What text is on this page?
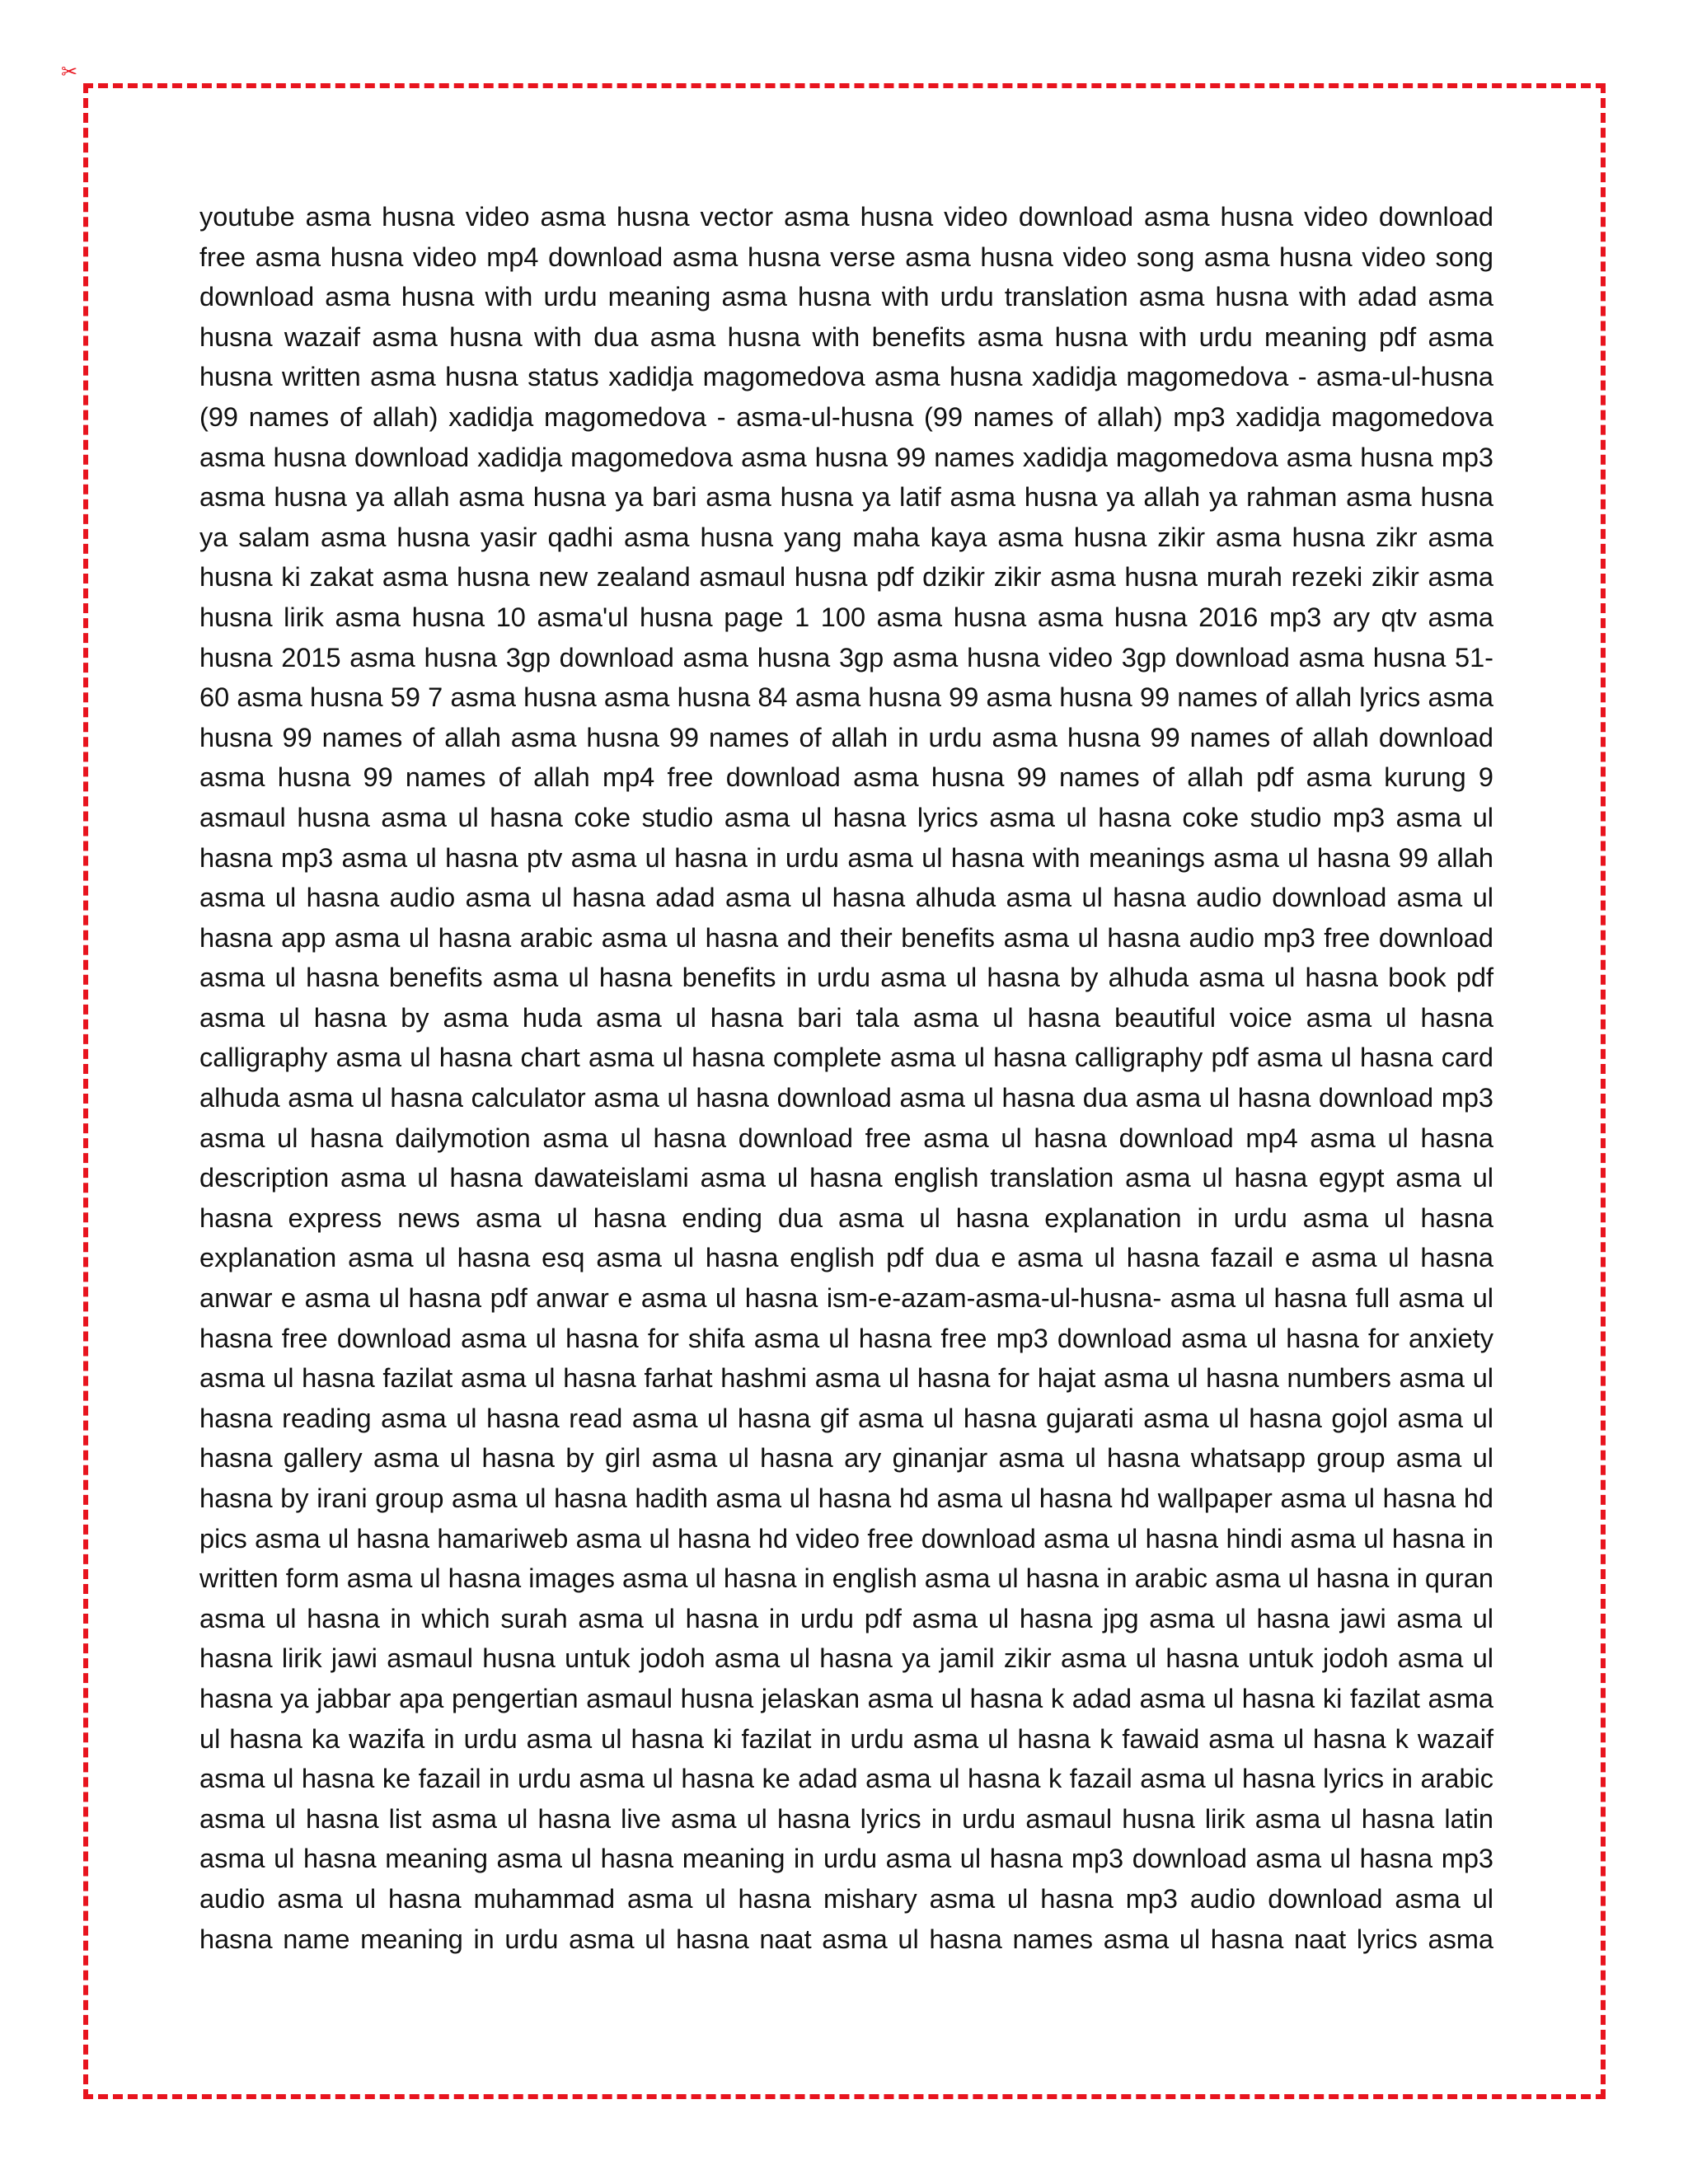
✂

youtube asma husna video asma husna vector asma husna video download asma husna video download free asma husna video mp4 download asma husna verse asma husna video song asma husna video song download asma husna with urdu meaning asma husna with urdu translation asma husna with adad asma husna wazaif asma husna with dua asma husna with benefits asma husna with urdu meaning pdf asma husna written asma husna status xadidja magomedova asma husna xadidja magomedova - asma-ul-husna (99 names of allah) xadidja magomedova - asma-ul-husna (99 names of allah) mp3 xadidja magomedova asma husna download xadidja magomedova asma husna 99 names xadidja magomedova asma husna mp3 asma husna ya allah asma husna ya bari asma husna ya latif asma husna ya allah ya rahman asma husna ya salam asma husna yasir qadhi asma husna yang maha kaya asma husna zikir asma husna zikr asma husna ki zakat asma husna new zealand asmaul husna pdf dzikir zikir asma husna murah rezeki zikir asma husna lirik asma husna 10 asma'ul husna page 1 100 asma husna asma husna 2016 mp3 ary qtv asma husna 2015 asma husna 3gp download asma husna 3gp asma husna video 3gp download asma husna 51-60 asma husna 59 7 asma husna asma husna 84 asma husna 99 asma husna 99 names of allah lyrics asma husna 99 names of allah asma husna 99 names of allah in urdu asma husna 99 names of allah download asma husna 99 names of allah mp4 free download asma husna 99 names of allah pdf asma kurung 9 asmaul husna asma ul hasna coke studio asma ul hasna lyrics asma ul hasna coke studio mp3 asma ul hasna mp3 asma ul hasna ptv asma ul hasna in urdu asma ul hasna with meanings asma ul hasna 99 allah asma ul hasna audio asma ul hasna adad asma ul hasna alhuda asma ul hasna audio download asma ul hasna app asma ul hasna arabic asma ul hasna and their benefits asma ul hasna audio mp3 free download asma ul hasna benefits asma ul hasna benefits in urdu asma ul hasna by alhuda asma ul hasna book pdf asma ul hasna by asma huda asma ul hasna bari tala asma ul hasna beautiful voice asma ul hasna calligraphy asma ul hasna chart asma ul hasna complete asma ul hasna calligraphy pdf asma ul hasna card alhuda asma ul hasna calculator asma ul hasna download asma ul hasna dua asma ul hasna download mp3 asma ul hasna dailymotion asma ul hasna download free asma ul hasna download mp4 asma ul hasna description asma ul hasna dawateislami asma ul hasna english translation asma ul hasna egypt asma ul hasna express news asma ul hasna ending dua asma ul hasna explanation in urdu asma ul hasna explanation asma ul hasna esq asma ul hasna english pdf dua e asma ul hasna fazail e asma ul hasna anwar e asma ul hasna pdf anwar e asma ul hasna ism-e-azam-asma-ul-husna- asma ul hasna full asma ul hasna free download asma ul hasna for shifa asma ul hasna free mp3 download asma ul hasna for anxiety asma ul hasna fazilat asma ul hasna farhat hashmi asma ul hasna for hajat asma ul hasna numbers asma ul hasna reading asma ul hasna read asma ul hasna gif asma ul hasna gujarati asma ul hasna gojol asma ul hasna gallery asma ul hasna by girl asma ul hasna ary ginanjar asma ul hasna whatsapp group asma ul hasna by irani group asma ul hasna hadith asma ul hasna hd asma ul hasna hd wallpaper asma ul hasna hd pics asma ul hasna hamariweb asma ul hasna hd video free download asma ul hasna hindi asma ul hasna in written form asma ul hasna images asma ul hasna in english asma ul hasna in arabic asma ul hasna in quran asma ul hasna in which surah asma ul hasna in urdu pdf asma ul hasna jpg asma ul hasna jawi asma ul hasna lirik jawi asmaul husna untuk jodoh asma ul hasna ya jamil zikir asma ul hasna untuk jodoh asma ul hasna ya jabbar apa pengertian asmaul husna jelaskan asma ul hasna k adad asma ul hasna ki fazilat asma ul hasna ka wazifa in urdu asma ul hasna ki fazilat in urdu asma ul hasna k fawaid asma ul hasna k wazaif asma ul hasna ke fazail in urdu asma ul hasna ke adad asma ul hasna k fazail asma ul hasna lyrics in arabic asma ul hasna list asma ul hasna live asma ul hasna lyrics in urdu asmaul husna lirik asma ul hasna latin asma ul hasna meaning asma ul hasna meaning in urdu asma ul hasna mp3 download asma ul hasna mp3 audio asma ul hasna muhammad asma ul hasna mishary asma ul hasna mp3 audio download asma ul hasna name meaning in urdu asma ul hasna naat asma ul hasna names asma ul hasna naat lyrics asma
